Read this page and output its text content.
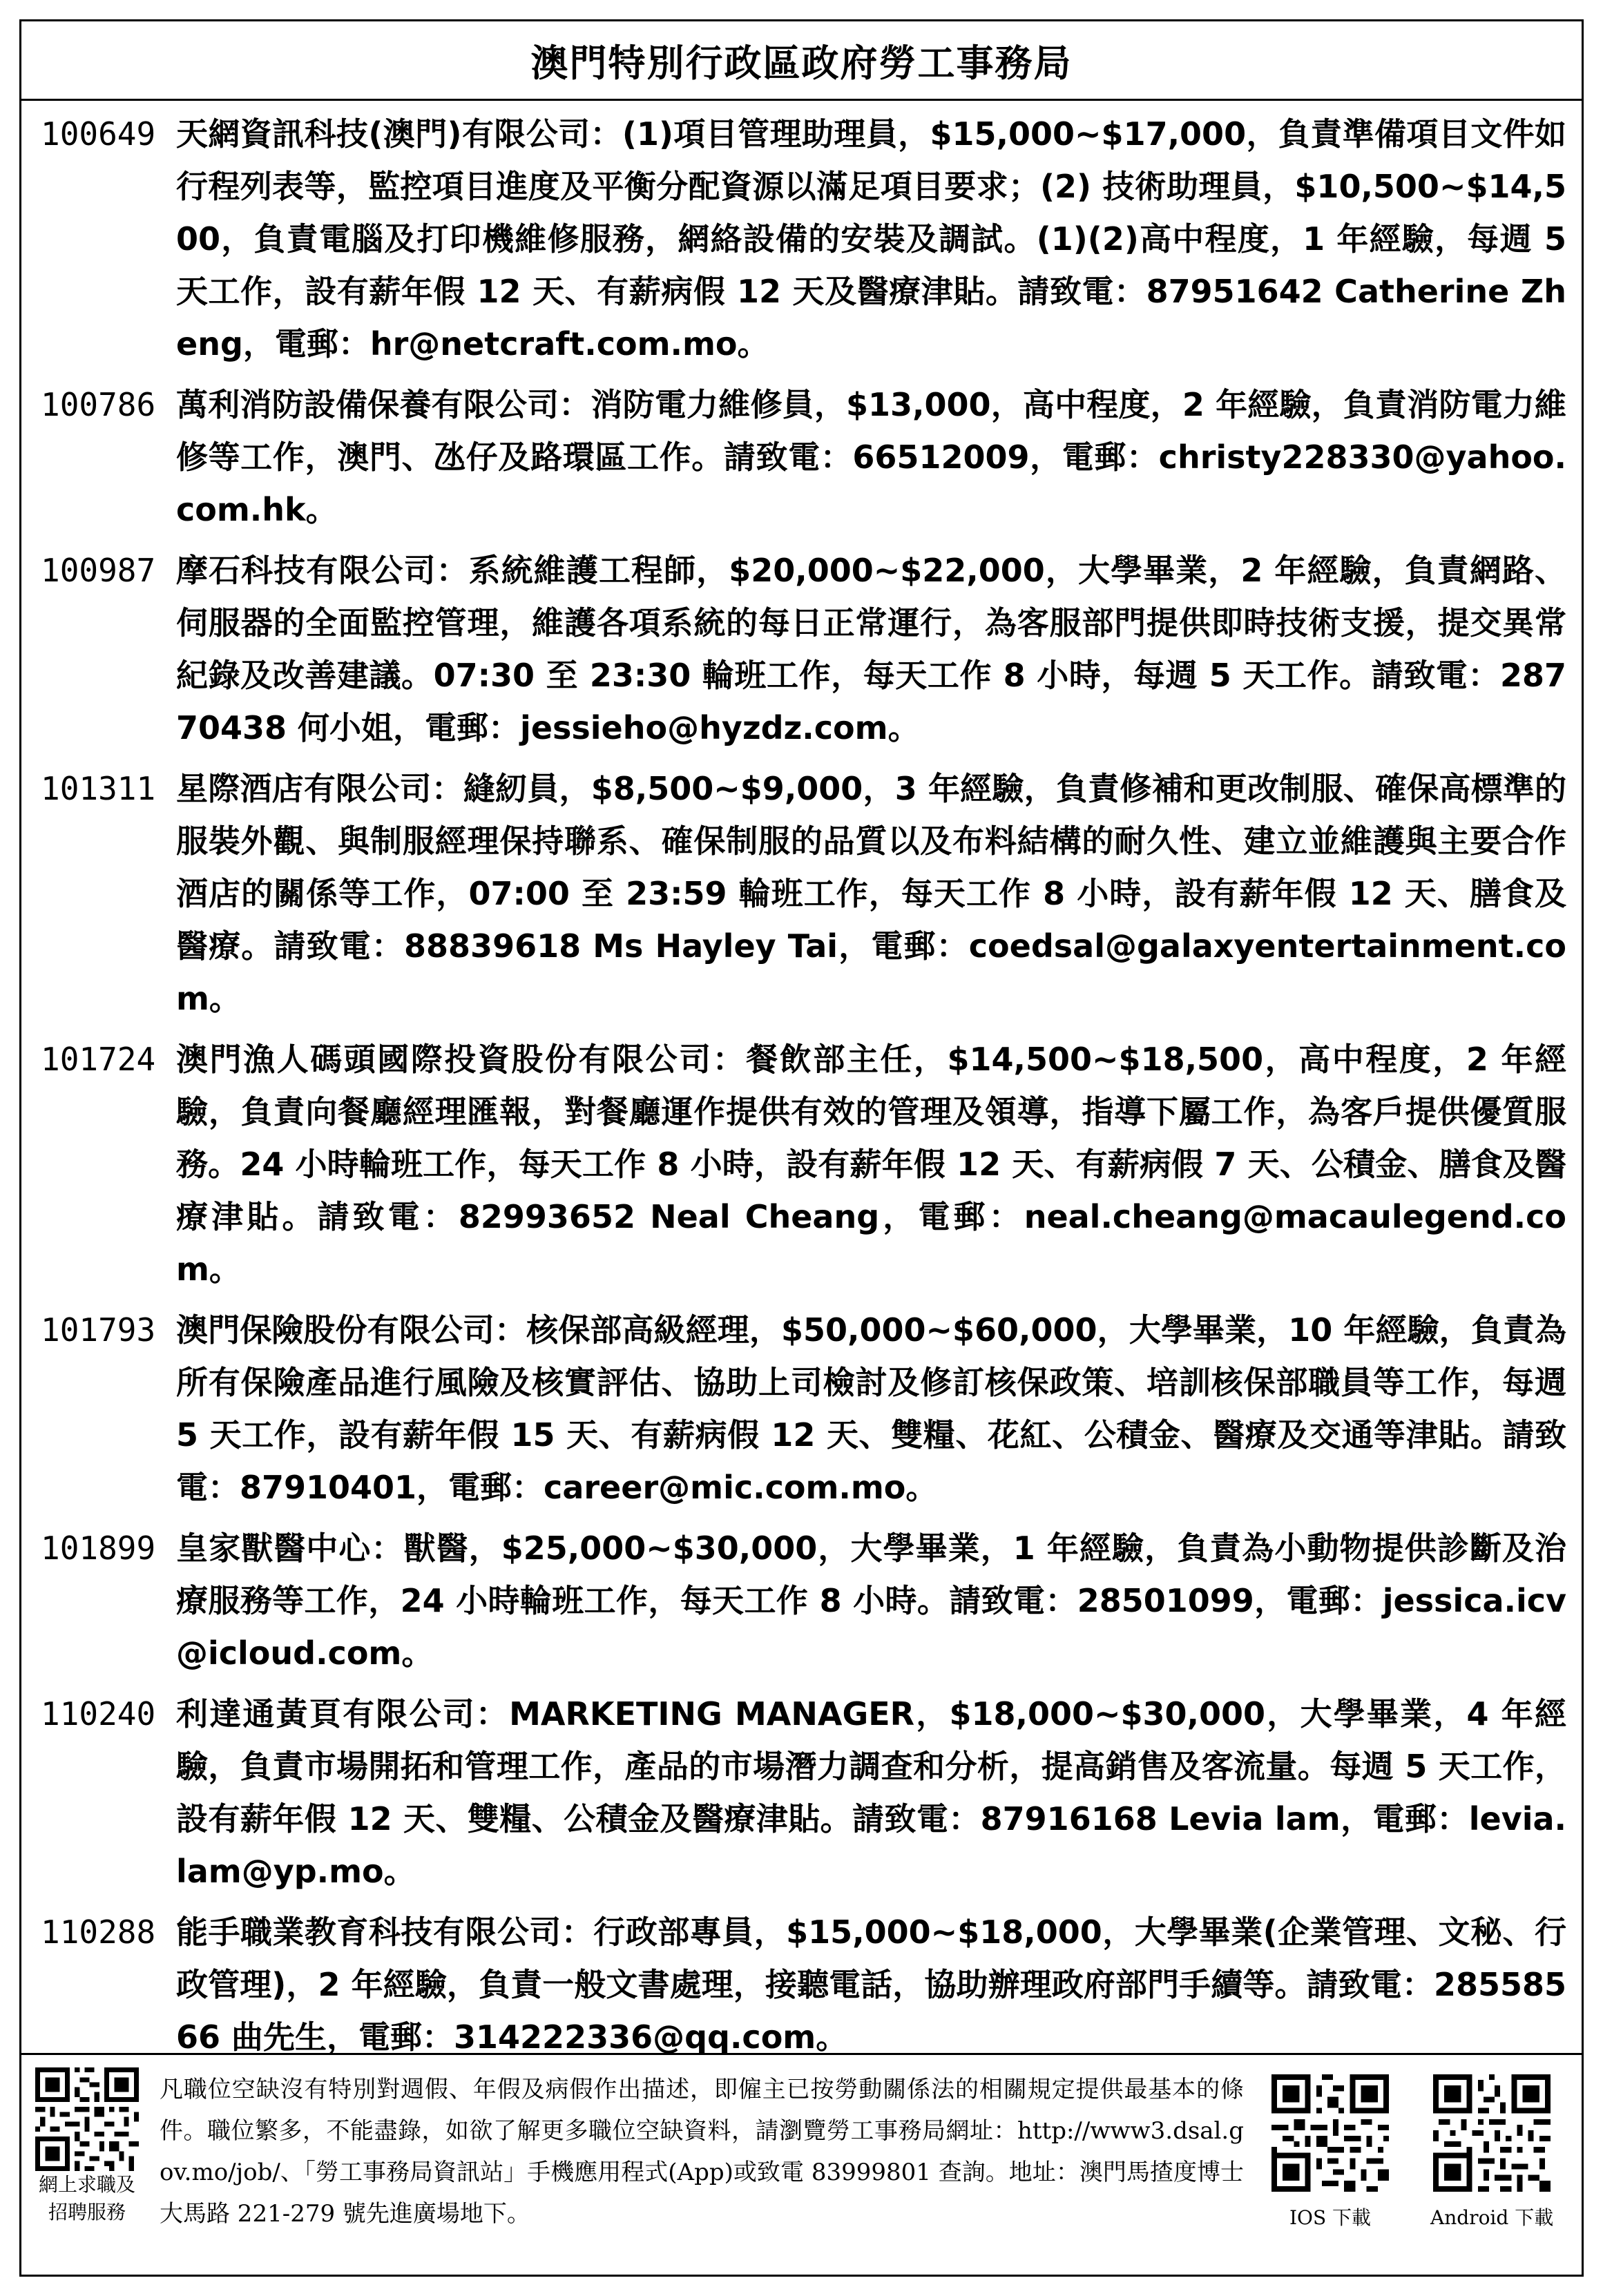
澳門特別行政區政府勞工事務局
100649 天網資訊科技(澳門)有限公司：(1)項目管理助理員，$15,000~$17,000，負責準備項目文件如行程列表等，監控項目進度及平衡分配資源以滿足項目要求；(2) 技術助理員，$10,500~$14,500，負責電腦及打印機維修服務，網絡設備的安裝及調試。(1)(2)高中程度，1 年經驗，每週 5 天工作，設有薪年假 12 天、有薪病假 12 天及醫療津貼。請致電：87951642 Catherine Zheng，電郵：hr@netcraft.com.mo。
100786 萬利消防設備保養有限公司：消防電力維修員，$13,000，高中程度，2 年經驗，負責消防電力維修等工作，澳門、氹仔及路環區工作。請致電：66512009，電郵：christy228330@yahoo.com.hk。
100987 摩石科技有限公司：系統維護工程師，$20,000~$22,000，大學畢業，2 年經驗，負責網路、伺服器的全面監控管理，維護各項系統的每日正常運行，為客服部門提供即時技術支援，提交異常紀錄及改善建議。07:30 至 23:30 輪班工作，每天工作 8 小時，每週 5 天工作。請致電：28770438 何小姐，電郵：jessieho@hyzdz.com。
101311 星際酒店有限公司：縫紉員，$8,500~$9,000，3 年經驗，負責修補和更改制服、確保高標準的服裝外觀、與制服經理保持聯系、確保制服的品質以及布料結構的耐久性、建立並維護與主要合作酒店的關係等工作，07:00 至 23:59 輪班工作，每天工作 8 小時，設有薪年假 12 天、膳食及醫療。請致電：88839618 Ms Hayley Tai，電郵：coedsal@galaxyentertainment.com。
101724 澳門漁人碼頭國際投資股份有限公司：餐飲部主任，$14,500~$18,500，高中程度，2 年經驗，負責向餐廳經理匯報，對餐廳運作提供有效的管理及領導，指導下屬工作，為客戶提供優質服務。24 小時輪班工作，每天工作 8 小時，設有薪年假 12 天、有薪病假 7 天、公積金、膳食及醫療津貼。請致電：82993652 Neal Cheang，電郵：neal.cheang@macaulegend.com。
101793 澳門保險股份有限公司：核保部高級經理，$50,000~$60,000，大學畢業，10 年經驗，負責為所有保險產品進行風險及核實評估、協助上司檢討及修訂核保政策、培訓核保部職員等工作，每週 5 天工作，設有薪年假 15 天、有薪病假 12 天、雙糧、花紅、公積金、醫療及交通等津貼。請致電：87910401，電郵：career@mic.com.mo。
101899 皇家獸醫中心：獸醫，$25,000~$30,000，大學畢業，1 年經驗，負責為小動物提供診斷及治療服務等工作，24 小時輪班工作，每天工作 8 小時。請致電：28501099，電郵：jessica.icv@icloud.com。
110240 利達通黃頁有限公司：MARKETING MANAGER，$18,000~$30,000，大學畢業，4 年經驗，負責市場開拓和管理工作，產品的市場潛力調查和分析，提高銷售及客流量。每週 5 天工作，設有薪年假 12 天、雙糧、公積金及醫療津貼。請致電：87916168 Levia lam，電郵：levia.lam@yp.mo。
110288 能手職業教育科技有限公司：行政部專員，$15,000~$18,000，大學畢業(企業管理、文秘、行政管理)，2 年經驗，負責一般文書處理，接聽電話，協助辦理政府部門手續等。請致電：28558566 曲先生，電郵：314222336@qq.com。
網上求職及
招聘服務
凡職位空缺沒有特別對週假、年假及病假作出描述，即僱主已按勞動關係法的相關規定提供最基本的條件。職位繁多，不能盡錄，如欲了解更多職位空缺資料，請瀏覽勞工事務局網址：http://www3.dsal.gov.mo/job/、「勞工事務局資訊站」手機應用程式(App)或致電 83999801 查詢。地址：澳門馬揸度博士大馬路 221-279 號先進廣場地下。	IOS 下載	Android 下載
